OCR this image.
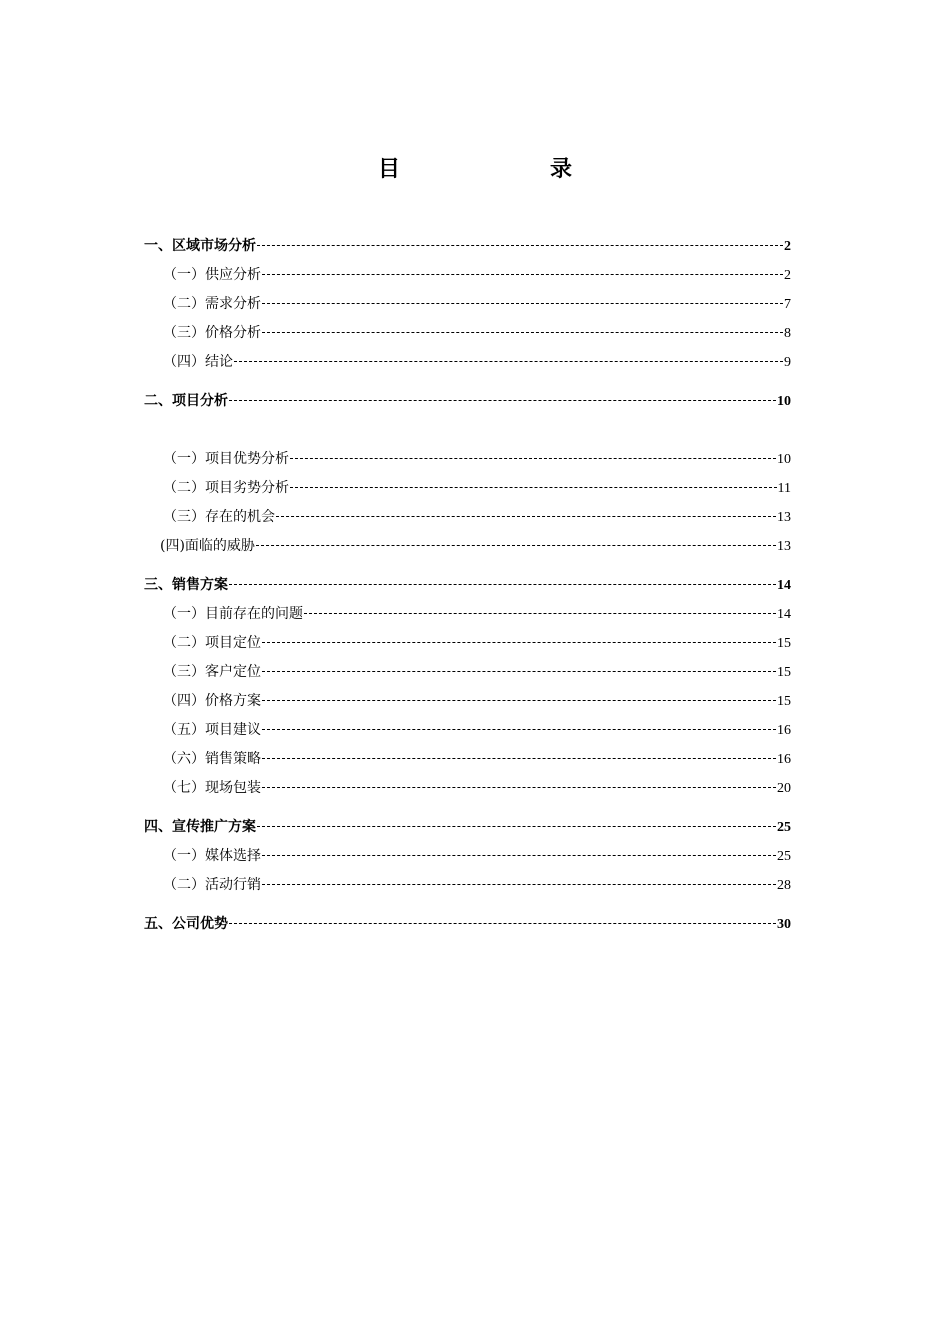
目　录
一、区域市场分析	2
（一）供应分析	2
（二）需求分析	7
（三）价格分析	8
（四）结论	9
二、项目分析	10
（一）项目优势分析	10
（二）项目劣势分析	11
（三）存在的机会	13
(四)面临的威胁	13
三、销售方案	14
（一）目前存在的问题	14
（二）项目定位	15
（三）客户定位	15
（四）价格方案	15
（五）项目建议	16
（六）销售策略	16
（七）现场包装	20
四、宣传推广方案	25
（一）媒体选择	25
（二）活动行销	28
五、公司优势	30
